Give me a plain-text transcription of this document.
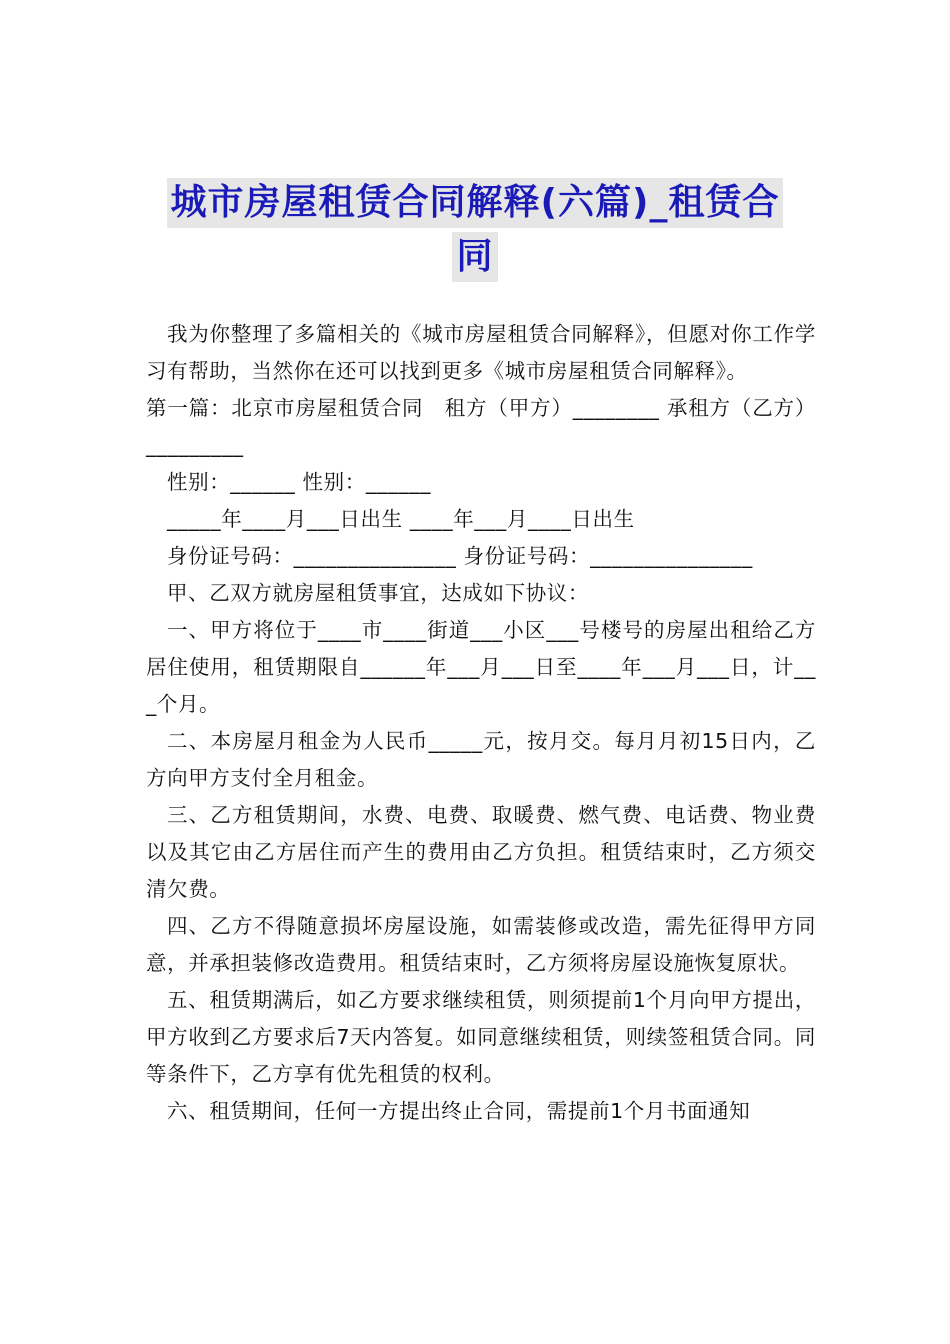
城市房屋租赁合同解释(六篇)_租赁合
同

我为你整理了多篇相关的《城市房屋租赁合同解释》，但愿对你工作学习有帮助，当然你在还可以找到更多《城市房屋租赁合同解释》。

第一篇：北京市房屋租赁合同　租方（甲方）________ 承租方（乙方）_________

性别：______ 性别：______

_____年____月___日出生 ____年___月____日出生

身份证号码：_______________ 身份证号码：_______________

甲、乙双方就房屋租赁事宜，达成如下协议：

一、甲方将位于____市____街道___小区___号楼号的房屋出租给乙方居住使用，租赁期限自______年___月___日至____年___月___日，计___个月。

二、本房屋月租金为人民币_____元，按月交。每月月初15日内，乙方向甲方支付全月租金。

三、乙方租赁期间，水费、电费、取暖费、燃气费、电话费、物业费以及其它由乙方居住而产生的费用由乙方负担。租赁结束时，乙方须交清欠费。

四、乙方不得随意损坏房屋设施，如需装修或改造，需先征得甲方同意，并承担装修改造费用。租赁结束时，乙方须将房屋设施恢复原状。

五、租赁期满后，如乙方要求继续租赁，则须提前1个月向甲方提出，甲方收到乙方要求后7天内答复。如同意继续租赁，则续签租赁合同。同等条件下，乙方享有优先租赁的权利。

六、租赁期间，任何一方提出终止合同，需提前1个月书面通知
